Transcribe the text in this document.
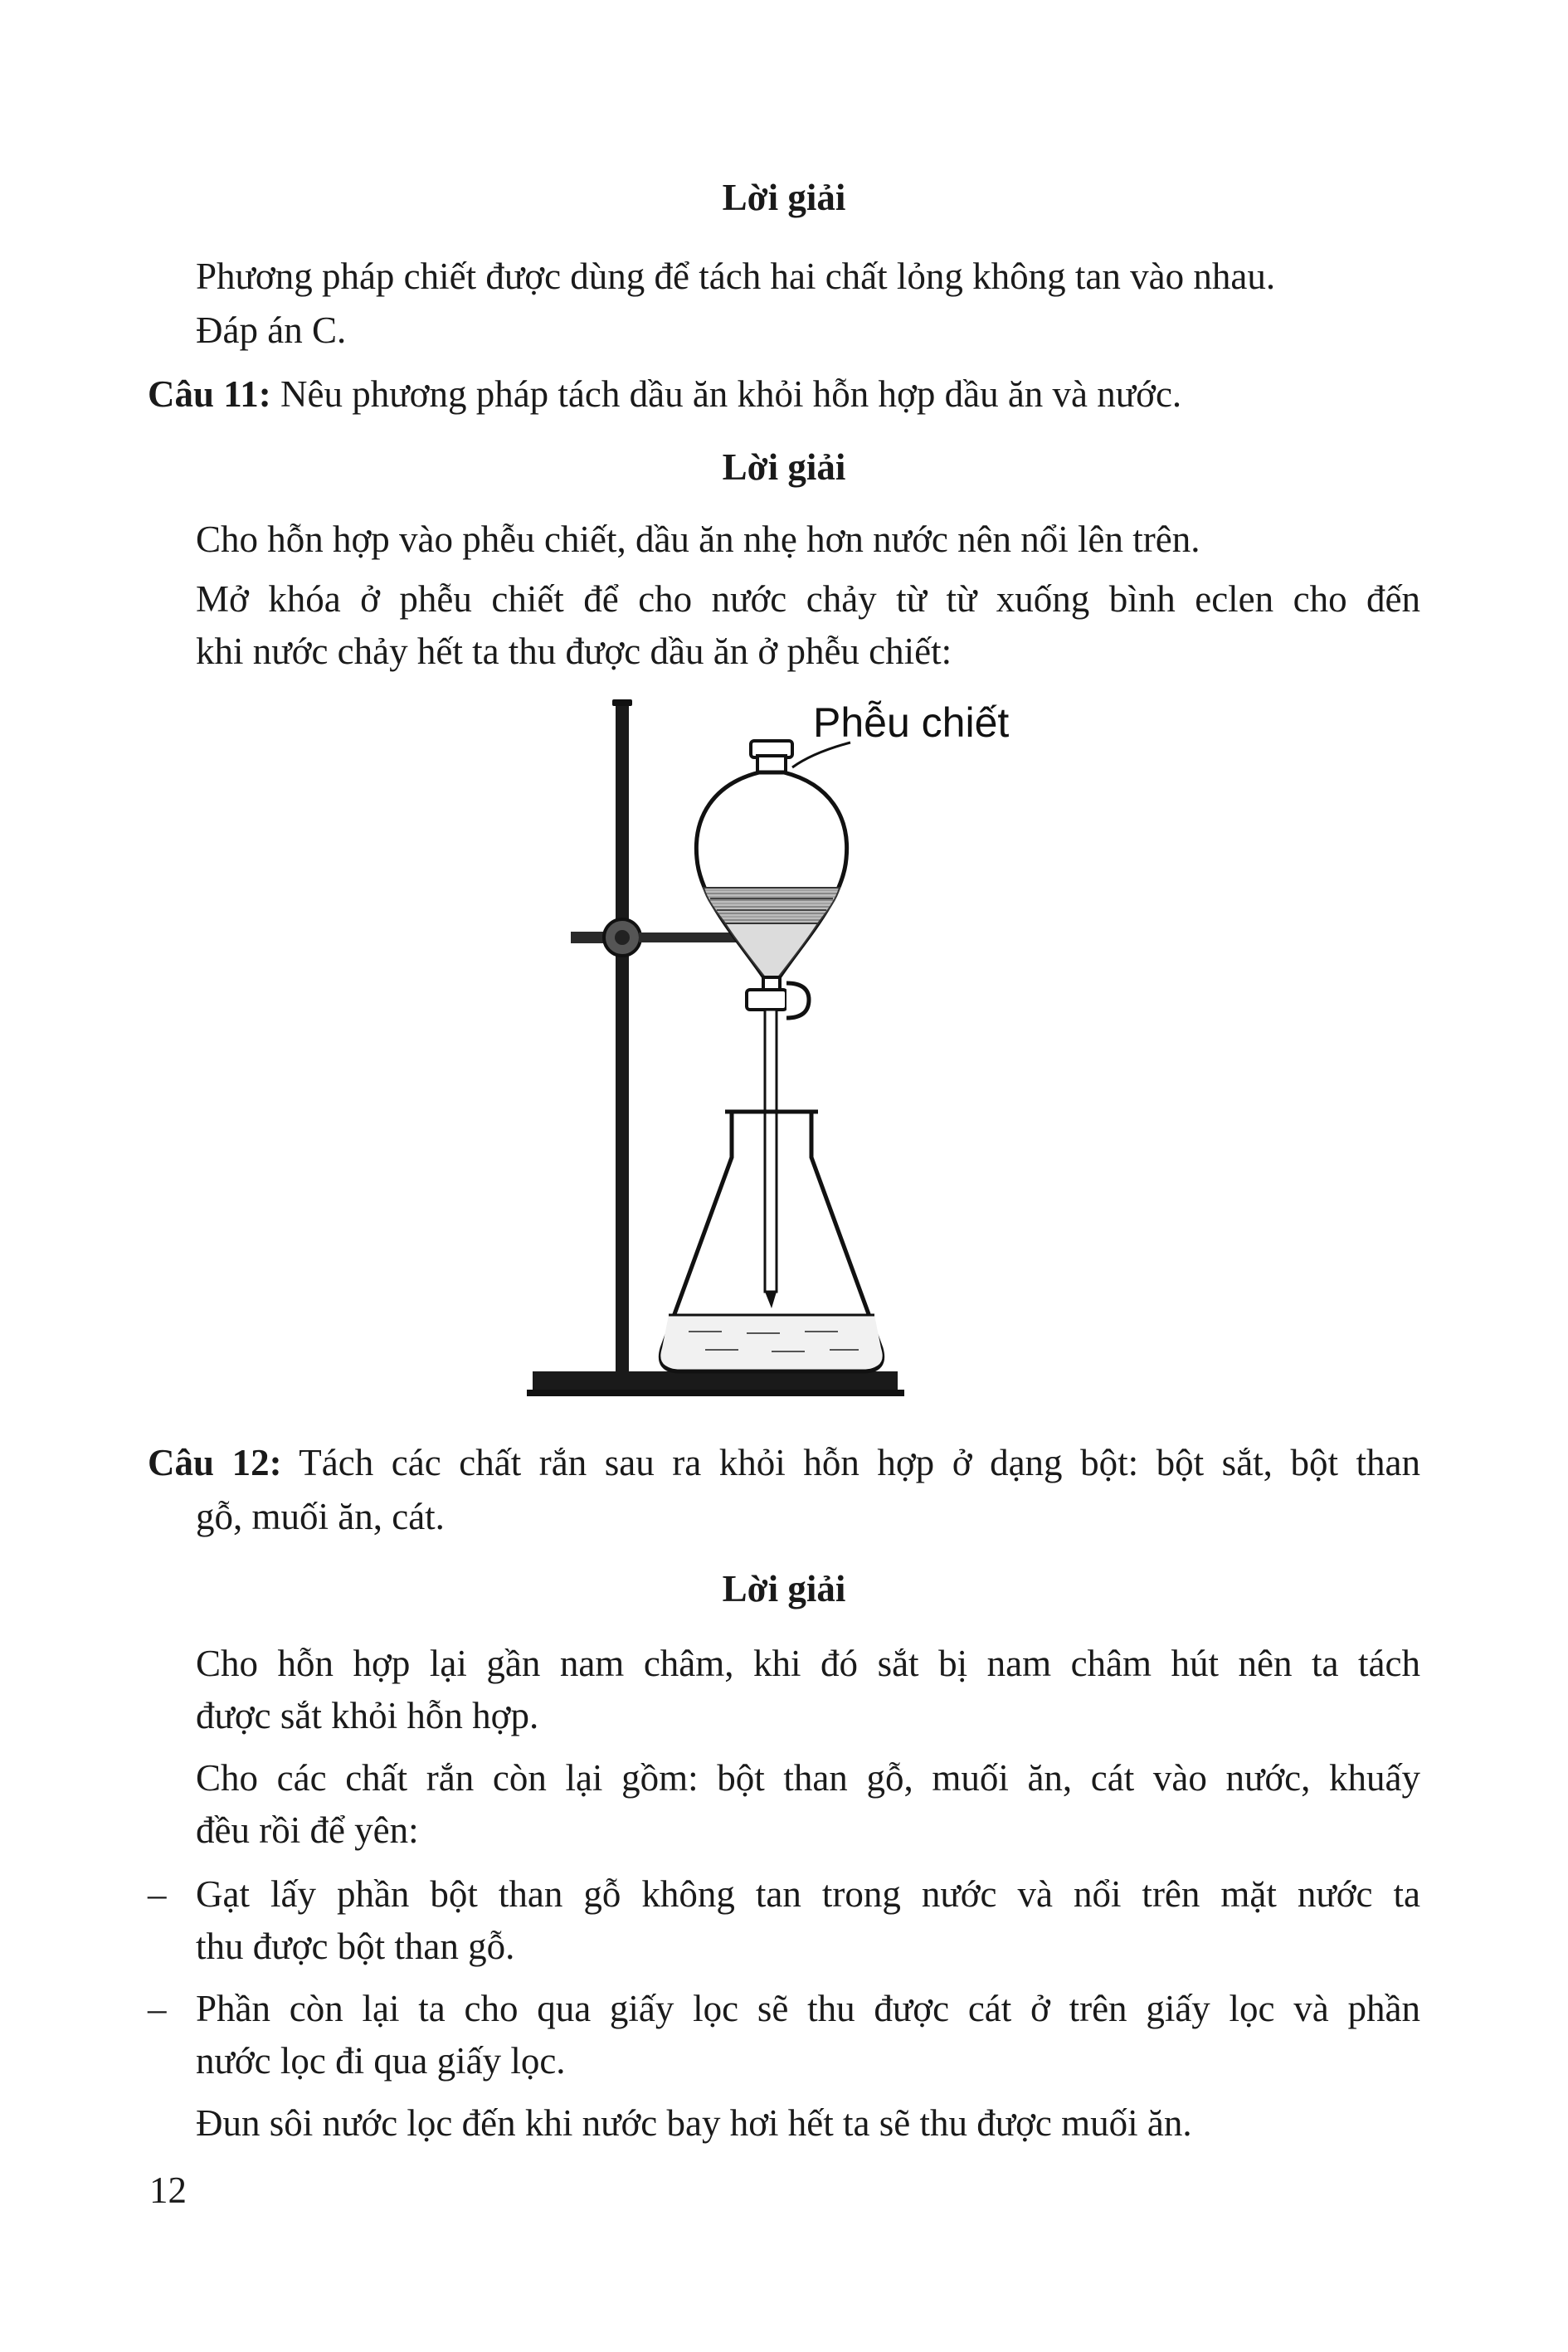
Lời giải
Phương pháp chiết được dùng để tách hai chất lỏng không tan vào nhau.
Đáp án C.
Câu 11: Nêu phương pháp tách dầu ăn khỏi hỗn hợp dầu ăn và nước.
Lời giải
Cho hỗn hợp vào phễu chiết, dầu ăn nhẹ hơn nước nên nổi lên trên.
Mở khóa ở phễu chiết để cho nước chảy từ từ xuống bình eclen cho đến
khi nước chảy hết ta thu được dầu ăn ở phễu chiết:
Phễu chiết
Câu 12: Tách các chất rắn sau ra khỏi hỗn hợp ở dạng bột: bột sắt, bột than
gỗ, muối ăn, cát.
Lời giải
Cho hỗn hợp lại gần nam châm, khi đó sắt bị nam châm hút nên ta tách
được sắt khỏi hỗn hợp.
Cho các chất rắn còn lại gồm: bột than gỗ, muối ăn, cát vào nước, khuấy
đều rồi để yên:
– Gạt lấy phần bột than gỗ không tan trong nước và nổi trên mặt nước ta
thu được bột than gỗ.
– Phần còn lại ta cho qua giấy lọc sẽ thu được cát ở trên giấy lọc và phần
nước lọc đi qua giấy lọc.
Đun sôi nước lọc đến khi nước bay hơi hết ta sẽ thu được muối ăn.
12
